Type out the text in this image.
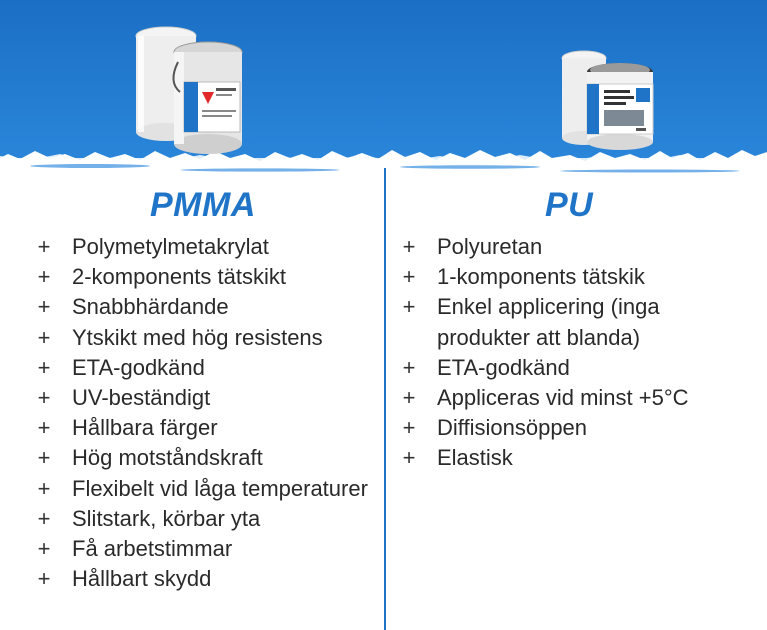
PMMA
+ Polymetylmetakrylat
+ 2-komponents tätskikt
+ Snabbhärdande
+ Ytskikt med hög resistens
+ ETA-godkänd
+ UV-beständigt
+ Hållbara färger
+ Hög motståndskraft
+ Flexibelt vid låga temperaturer
+ Slitstark, körbar yta
+ Få arbetstimmar
+ Hållbart skydd
PU
+ Polyuretan
+ 1-komponents tätskik
+ Enkel applicering (inga produkter att blanda)
+ ETA-godkänd
+ Appliceras vid minst +5°C
+ Diffisionsöppen
+ Elastisk
